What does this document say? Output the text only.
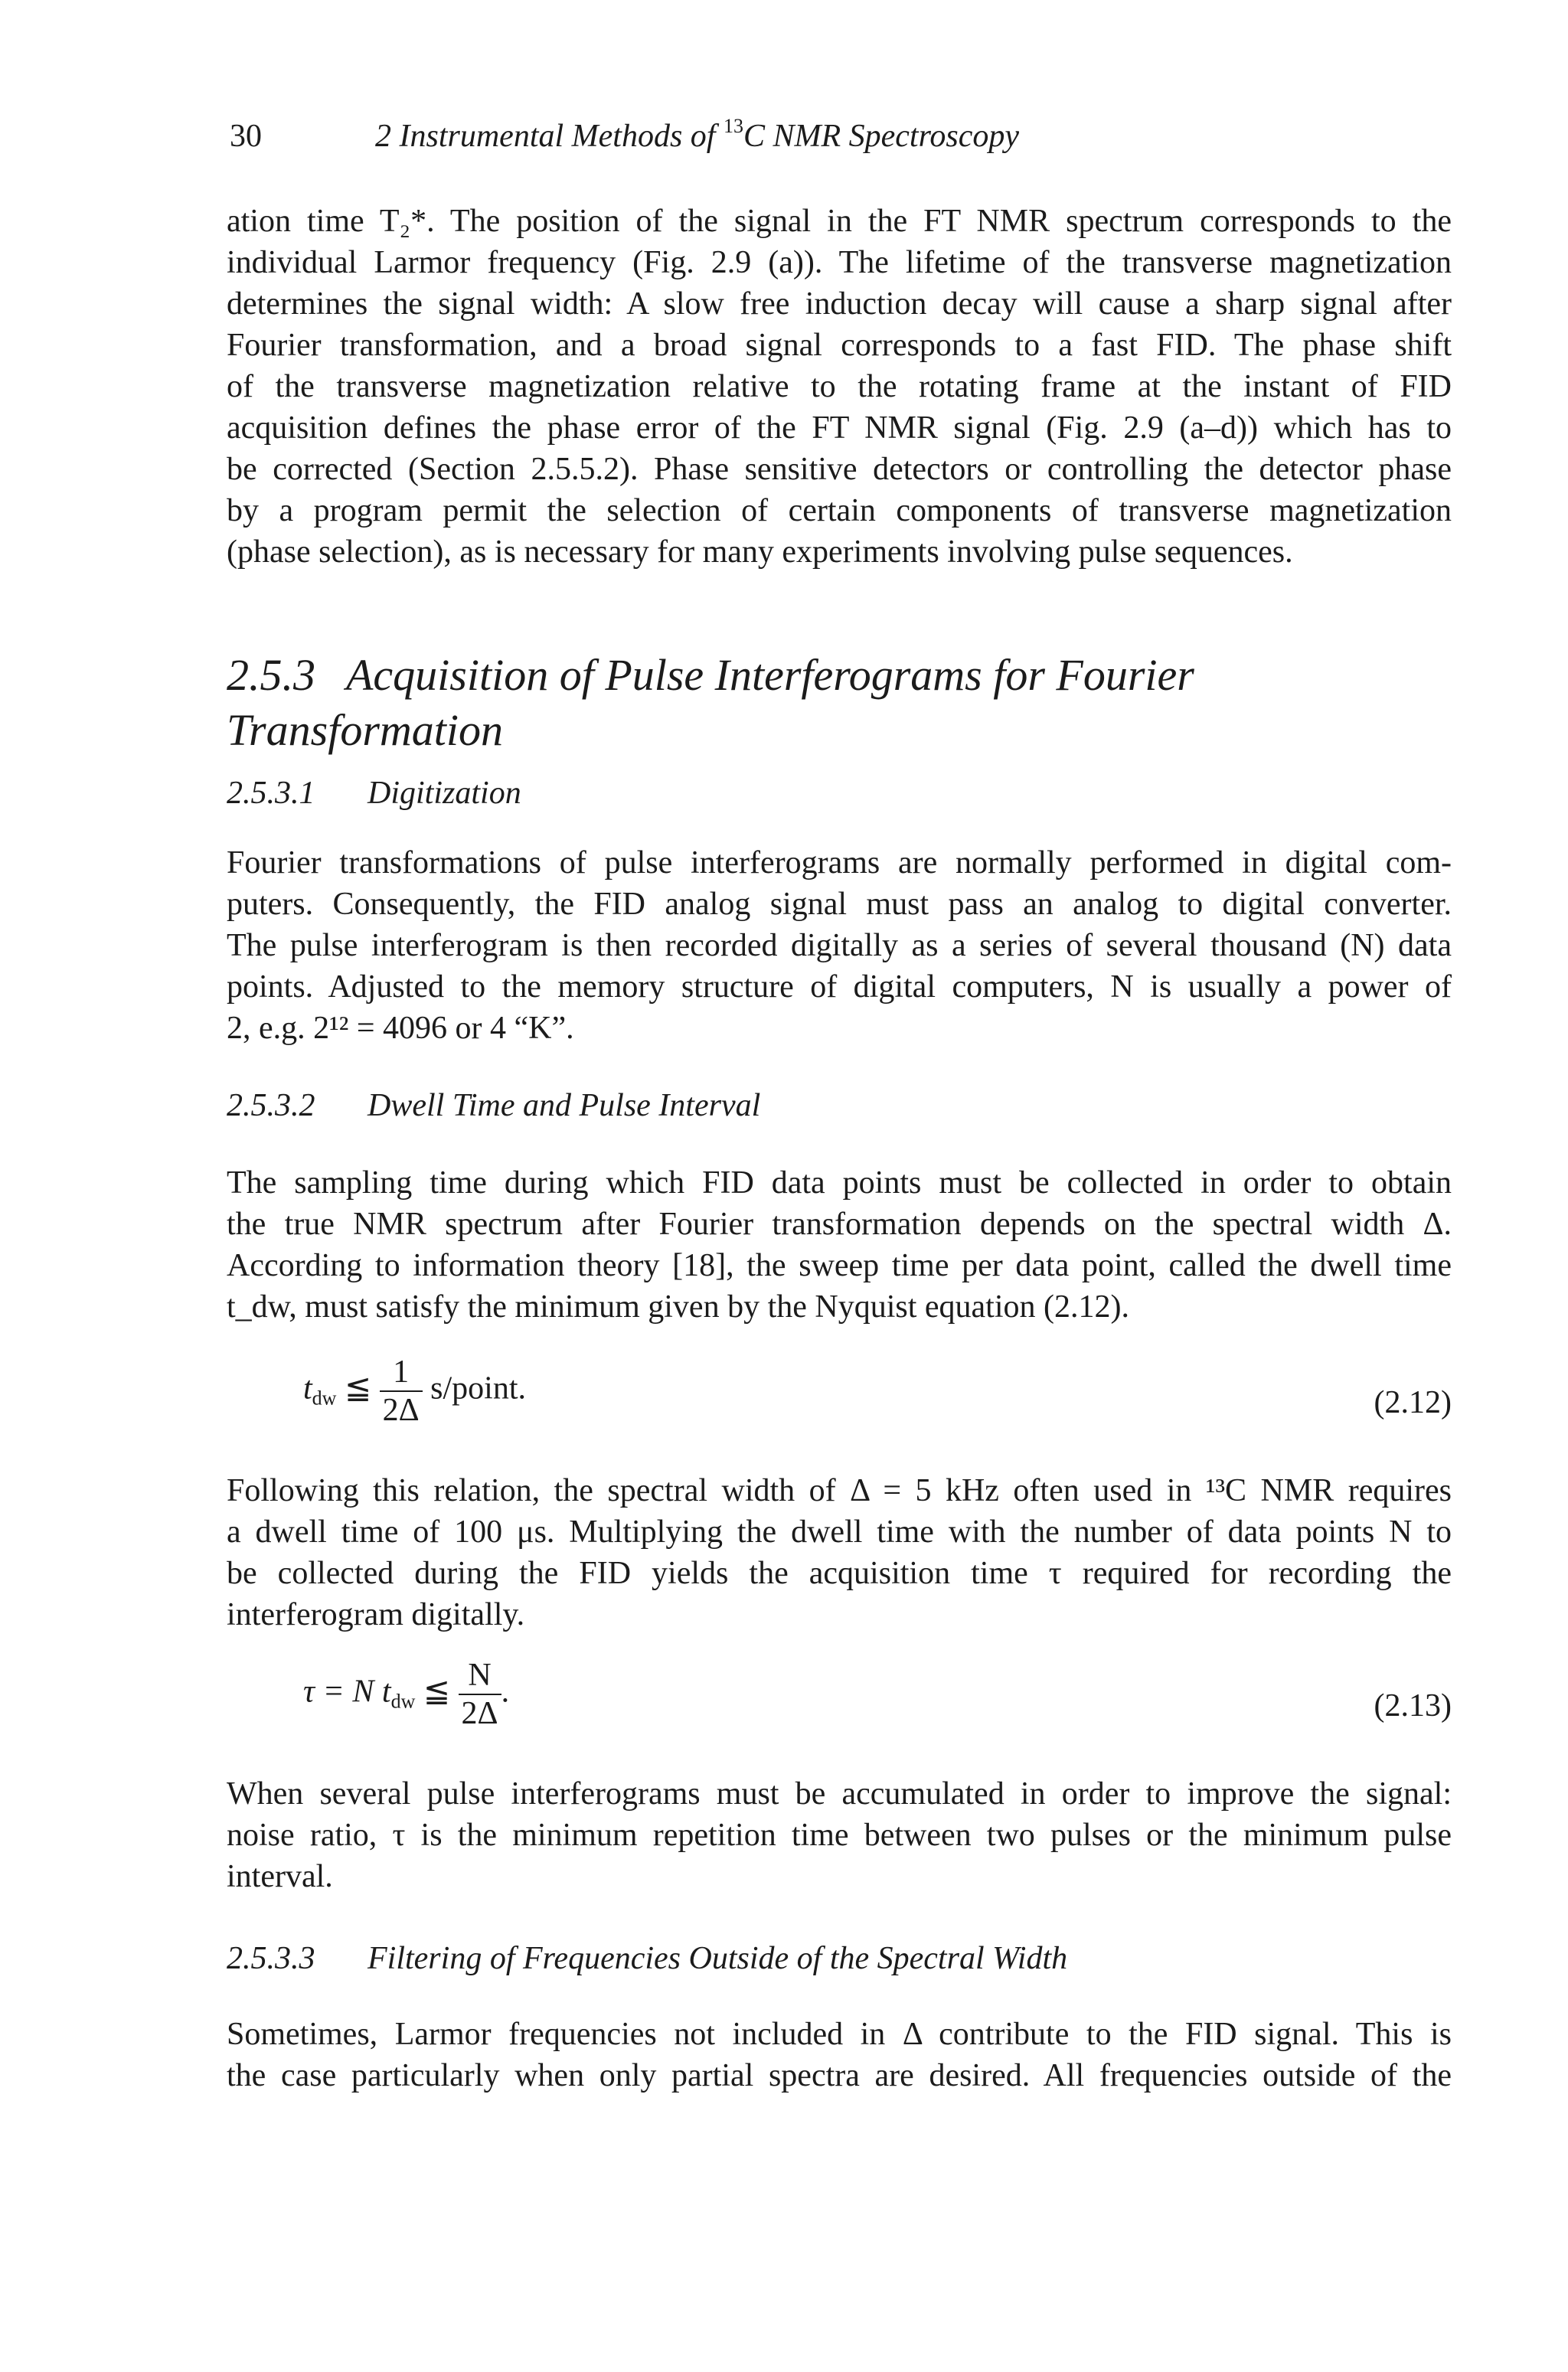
30	2 Instrumental Methods of $^{13}$C NMR Spectroscopy
ation time T₂*. The position of the signal in the FT NMR spectrum corresponds to the
individual Larmor frequency (Fig. 2.9 (a)). The lifetime of the transverse magnetization
determines the signal width: A slow free induction decay will cause a sharp signal after
Fourier transformation, and a broad signal corresponds to a fast FID. The phase shift
of the transverse magnetization relative to the rotating frame at the instant of FID
acquisition defines the phase error of the FT NMR signal (Fig. 2.9 (a–d)) which has to
be corrected (Section 2.5.5.2). Phase sensitive detectors or controlling the detector phase
by a program permit the selection of certain components of transverse magnetization
(phase selection), as is necessary for many experiments involving pulse sequences.
2.5.3 Acquisition of Pulse Interferograms for Fourier
Transformation
2.5.3.1 Digitization
Fourier transformations of pulse interferograms are normally performed in digital com-
puters. Consequently, the FID analog signal must pass an analog to digital converter.
The pulse interferogram is then recorded digitally as a series of several thousand (N) data
points. Adjusted to the memory structure of digital computers, N is usually a power of
2, e.g. 2¹² = 4096 or 4 “K”.
2.5.3.2 Dwell Time and Pulse Interval
The sampling time during which FID data points must be collected in order to obtain
the true NMR spectrum after Fourier transformation depends on the spectral width Δ.
According to information theory [18], the sweep time per data point, called the dwell time
t_dw, must satisfy the minimum given by the Nyquist equation (2.12).
$t_{dw}$ ≦ $\frac{1}{2\Delta}$ s/point.	(2.12)
Following this relation, the spectral width of Δ = 5 kHz often used in ¹³C NMR requires
a dwell time of 100 μs. Multiplying the dwell time with the number of data points N to
be collected during the FID yields the acquisition time τ required for recording the
interferogram digitally.
τ = N $t_{dw}$ ≦ $\frac{N}{2\Delta}$ .	(2.13)
When several pulse interferograms must be accumulated in order to improve the signal:
noise ratio, τ is the minimum repetition time between two pulses or the minimum pulse
interval.
2.5.3.3 Filtering of Frequencies Outside of the Spectral Width
Sometimes, Larmor frequencies not included in Δ contribute to the FID signal. This is
the case particularly when only partial spectra are desired. All frequencies outside of the
